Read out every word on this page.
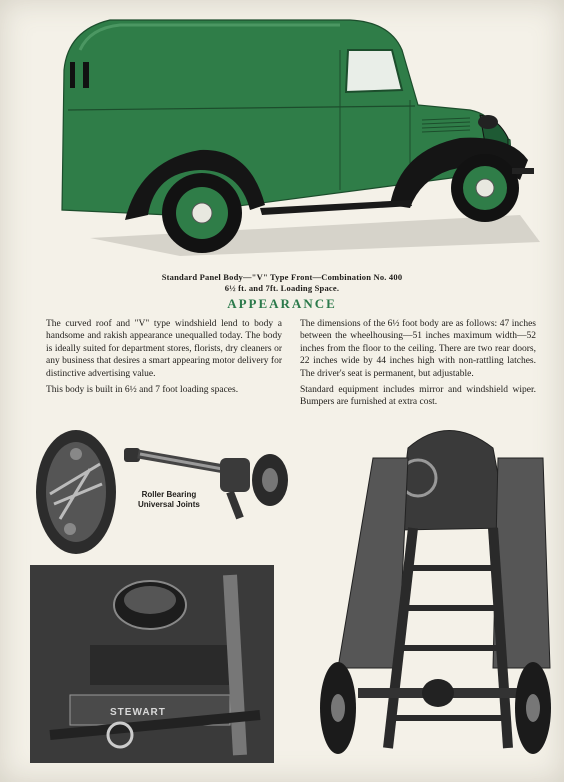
Standard Panel Body—"V" Type Front—Combination No. 400
6½ ft. and 7ft. Loading Space.
APPEARANCE

The curved roof and "V" type windshield lend to body a handsome and rakish appearance unequalled today. The body is ideally suited for department stores, florists, dry cleaners or any business that desires a smart appearing motor delivery for distinctive advertising value.

This body is built in 6½ and 7 foot loading spaces.

The dimensions of the 6½ foot body are as follows: 47 inches between the wheelhousing—51 inches maximum width—52 inches from the floor to the ceiling. There are two rear doors, 22 inches wide by 44 inches high with non-rattling latches. The driver's seat is permanent, but adjustable.

Standard equipment includes mirror and windshield wiper. Bumpers are furnished at extra cost.

Roller Bearing
Universal Joints
STEWART
